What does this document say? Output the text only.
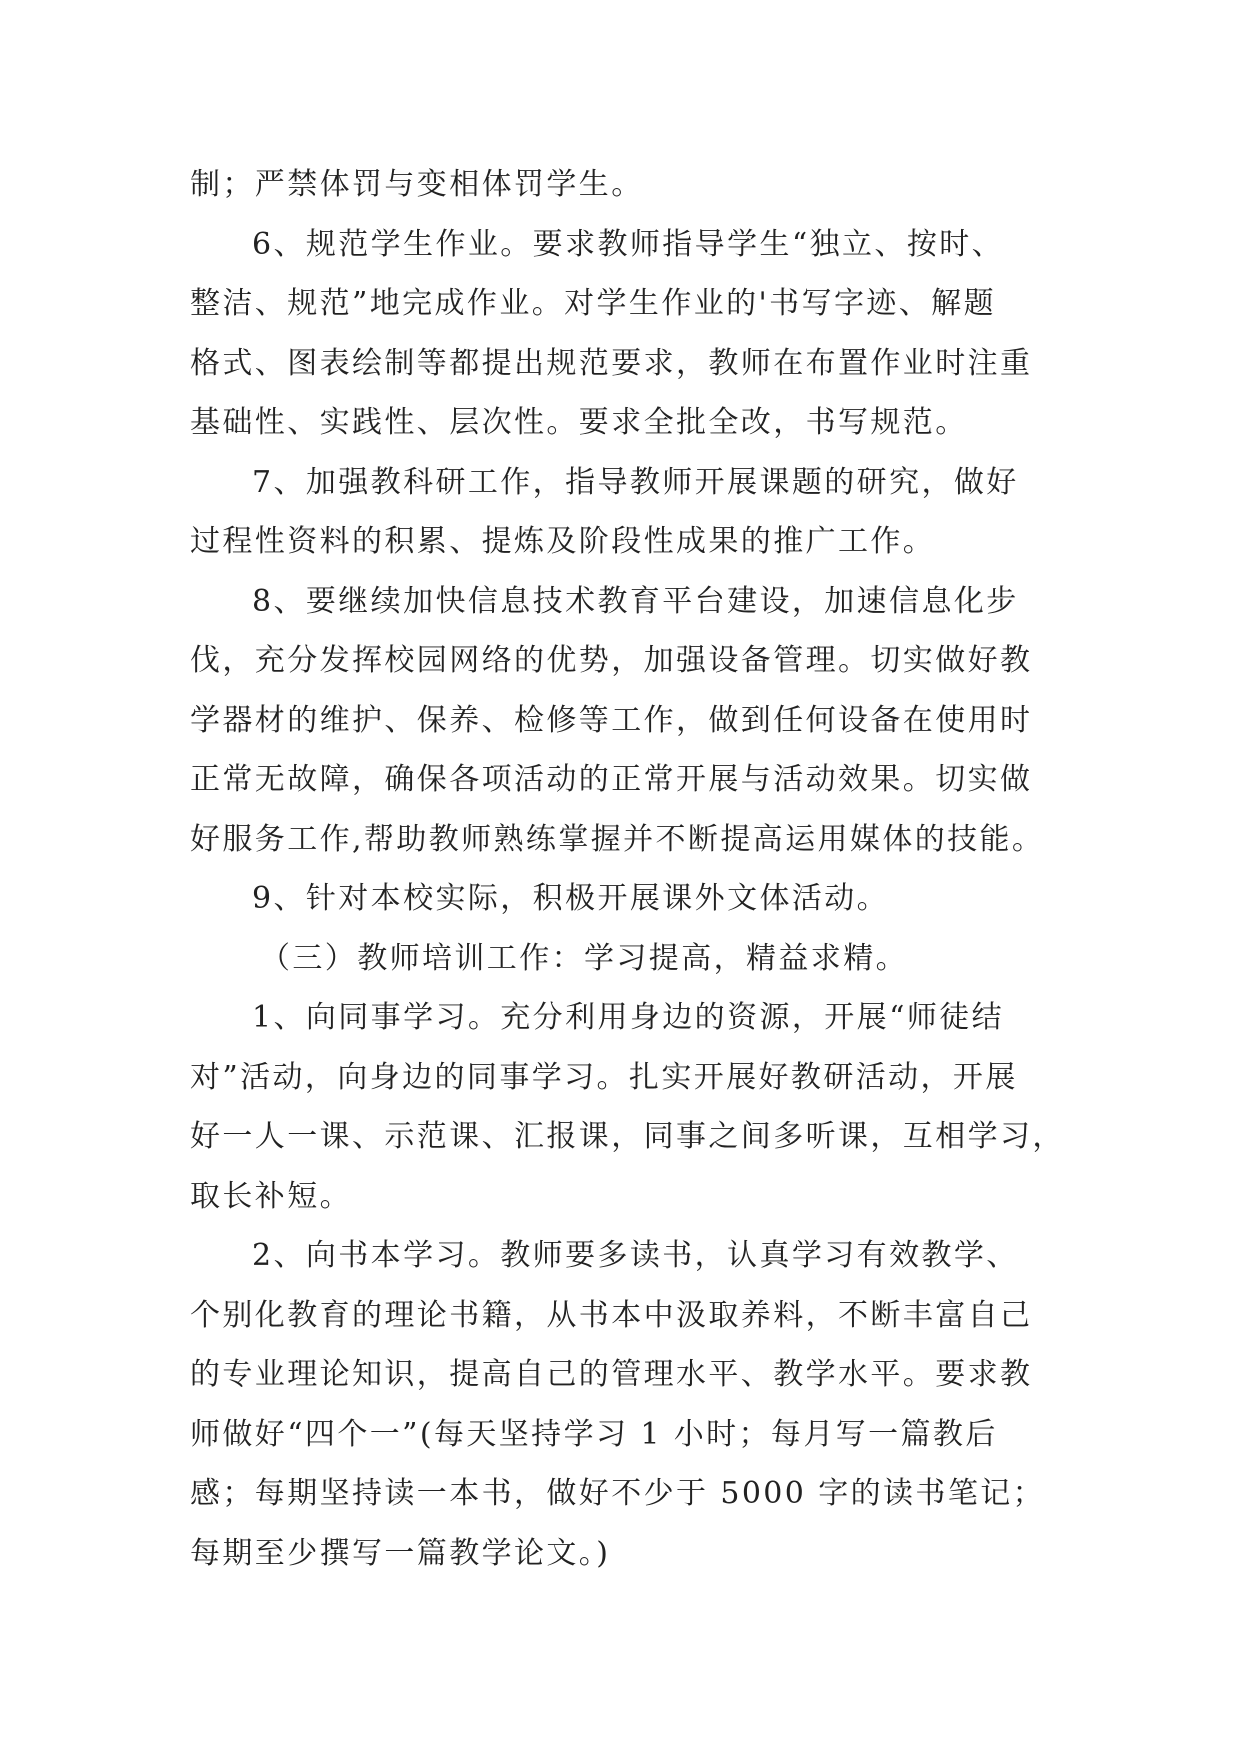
制；严禁体罚与变相体罚学生。
6、规范学生作业。要求教师指导学生“独立、按时、
整洁、规范”地完成作业。对学生作业的'书写字迹、解题
格式、图表绘制等都提出规范要求，教师在布置作业时注重
基础性、实践性、层次性。要求全批全改，书写规范。
7、加强教科研工作，指导教师开展课题的研究，做好
过程性资料的积累、提炼及阶段性成果的推广工作。
8、要继续加快信息技术教育平台建设，加速信息化步
伐，充分发挥校园网络的优势，加强设备管理。切实做好教
学器材的维护、保养、检修等工作，做到任何设备在使用时
正常无故障，确保各项活动的正常开展与活动效果。切实做
好服务工作,帮助教师熟练掌握并不断提高运用媒体的技能。
9、针对本校实际，积极开展课外文体活动。
（三）教师培训工作：学习提高，精益求精。
1、向同事学习。充分利用身边的资源，开展“师徒结
对”活动，向身边的同事学习。扎实开展好教研活动，开展
好一人一课、示范课、汇报课，同事之间多听课，互相学习，
取长补短。
2、向书本学习。教师要多读书，认真学习有效教学、
个别化教育的理论书籍，从书本中汲取养料，不断丰富自己
的专业理论知识，提高自己的管理水平、教学水平。要求教
师做好“四个一”(每天坚持学习 1 小时；每月写一篇教后
感；每期坚持读一本书，做好不少于 5000 字的读书笔记；
每期至少撰写一篇教学论文。)
